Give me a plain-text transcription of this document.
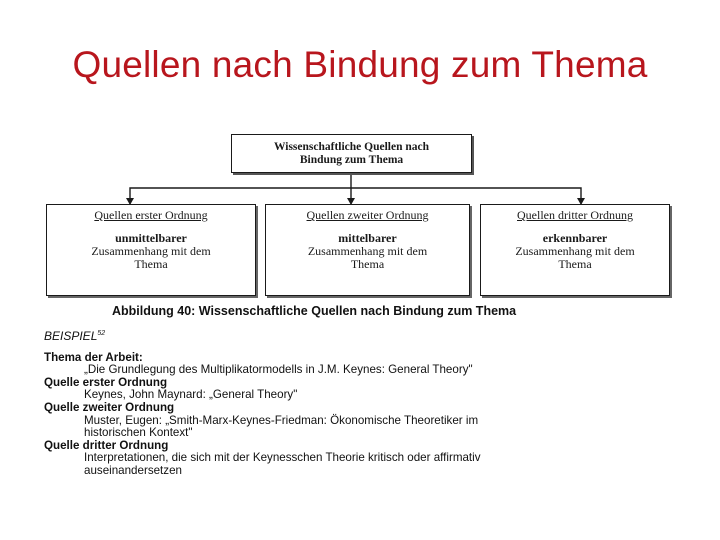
Quellen nach Bindung zum Thema
Wissenschaftliche Quellen nach
Bindung zum Thema
Quellen erster Ordnung
unmittelbarer
Zusammenhang mit dem
Thema
Quellen zweiter Ordnung
mittelbarer
Zusammenhang mit dem
Thema
Quellen dritter Ordnung
erkennbarer
Zusammenhang mit dem
Thema
Abbildung 40: Wissenschaftliche Quellen nach Bindung zum Thema
BEISPIEL$^{52}$
Thema der Arbeit:
„Die Grundlegung des Multiplikatormodells in J.M. Keynes: General Theory"
Quelle erster Ordnung
Keynes, John Maynard: „General Theory"
Quelle zweiter Ordnung
Muster, Eugen: „Smith-Marx-Keynes-Friedman: Ökonomische Theoretiker im
historischen Kontext"
Quelle dritter Ordnung
Interpretationen, die sich mit der Keynesschen Theorie kritisch oder affirmativ
auseinandersetzen
